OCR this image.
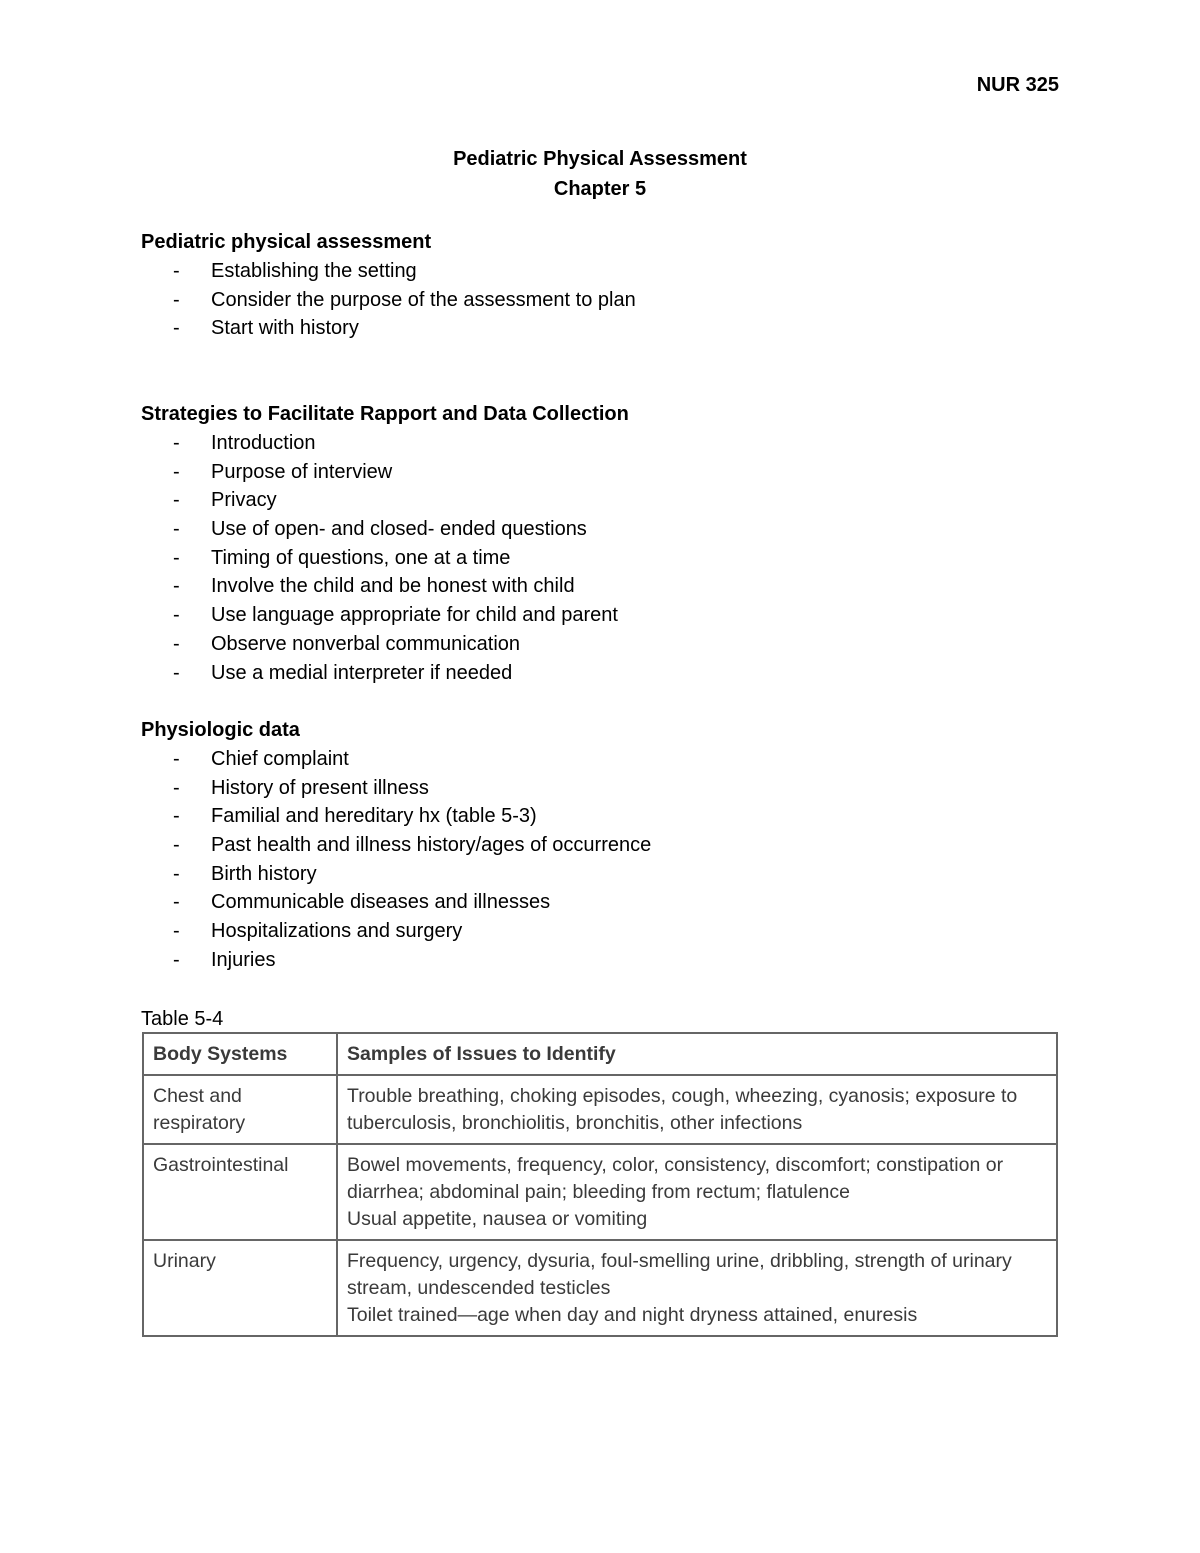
NUR 325
Pediatric Physical Assessment
Chapter 5
Pediatric physical assessment
- Establishing the setting
- Consider the purpose of the assessment to plan
- Start with history
Strategies to Facilitate Rapport and Data Collection
- Introduction
- Purpose of interview
- Privacy
- Use of open- and closed- ended questions
- Timing of questions, one at a time
- Involve the child and be honest with child
- Use language appropriate for child and parent
- Observe nonverbal communication
- Use a medial interpreter if needed
Physiologic data
- Chief complaint
- History of present illness
- Familial and hereditary hx (table 5-3)
- Past health and illness history/ages of occurrence
- Birth history
- Communicable diseases and illnesses
- Hospitalizations and surgery
- Injuries
Table 5-4
Body Systems	Samples of Issues to Identify
Chest and respiratory	Trouble breathing, choking episodes, cough, wheezing, cyanosis; exposure to tuberculosis, bronchiolitis, bronchitis, other infections

Gastrointestinal	Bowel movements, frequency, color, consistency, discomfort; constipation or diarrhea; abdominal pain; bleeding from rectum; flatulence
Usual appetite, nausea or vomiting

Urinary	Frequency, urgency, dysuria, foul-smelling urine, dribbling, strength of urinary stream, undescended testicles
Toilet trained—age when day and night dryness attained, enuresis
